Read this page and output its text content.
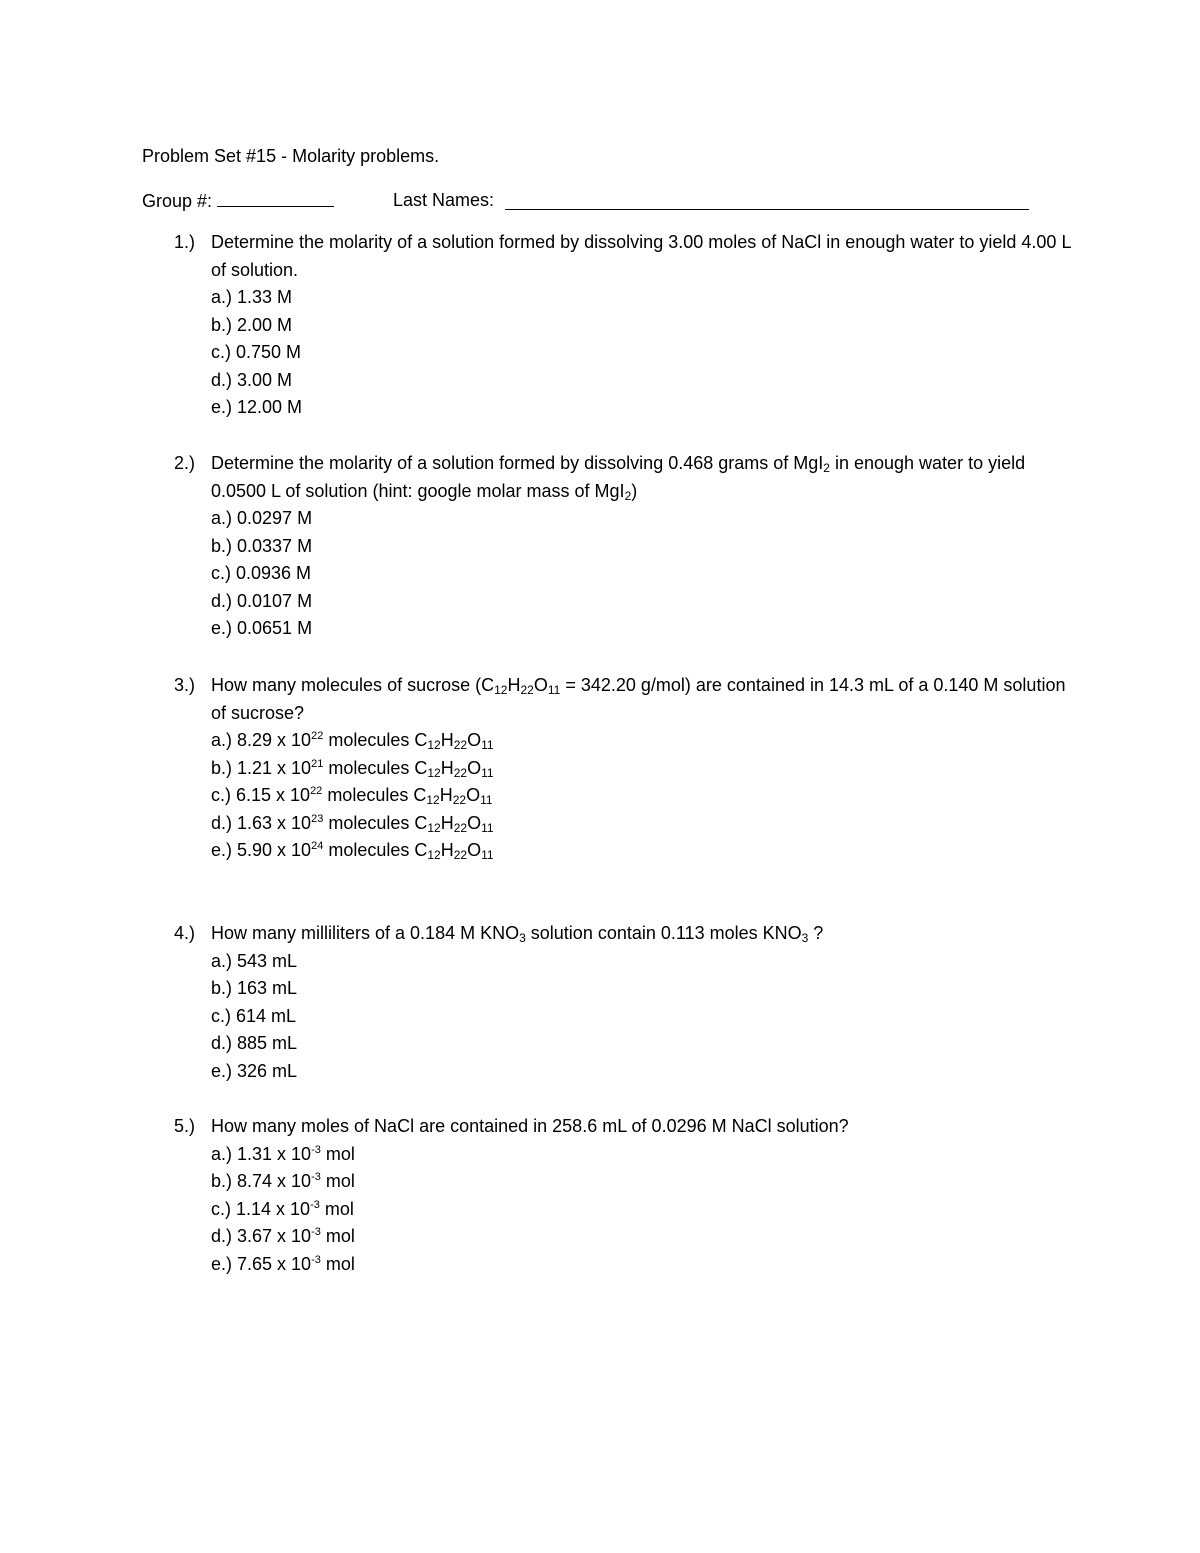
Problem Set #15 - Molarity problems.
Group #:	Last Names:
1.) Determine the molarity of a solution formed by dissolving 3.00 moles of NaCl in enough water to yield 4.00 L of solution.
a.) 1.33 M
b.) 2.00 M
c.) 0.750 M
d.) 3.00 M
e.) 12.00 M
2.) Determine the molarity of a solution formed by dissolving 0.468 grams of MgI$_2$ in enough water to yield 0.0500 L of solution (hint: google molar mass of MgI$_2$)
a.) 0.0297 M
b.) 0.0337 M
c.) 0.0936 M
d.) 0.0107 M
e.) 0.0651 M
3.) How many molecules of sucrose ($C_{12}H_{22}O_{11} = 342.20$ g/mol) are contained in 14.3 mL of a 0.140 M solution of sucrose?
a.) 8.29 x $10^{22}$ molecules $C_{12}H_{22}O_{11}$
b.) 1.21 x $10^{21}$ molecules $C_{12}H_{22}O_{11}$
c.) 6.15 x $10^{22}$ molecules $C_{12}H_{22}O_{11}$
d.) 1.63 x $10^{23}$ molecules $C_{12}H_{22}O_{11}$
e.) 5.90 x $10^{24}$ molecules $C_{12}H_{22}O_{11}$
4.) How many milliliters of a 0.184 M $KNO_3$ solution contain 0.113 moles $KNO_3$ ?
a.) 543 mL
b.) 163 mL
c.) 614 mL
d.) 885 mL
e.) 326 mL
5.) How many moles of NaCl are contained in 258.6 mL of 0.0296 M NaCl solution?
a.) 1.31 x $10^{-3}$ mol
b.) 8.74 x $10^{-3}$ mol
c.) 1.14 x $10^{-3}$ mol
d.) 3.67 x $10^{-3}$ mol
e.) 7.65 x $10^{-3}$ mol
